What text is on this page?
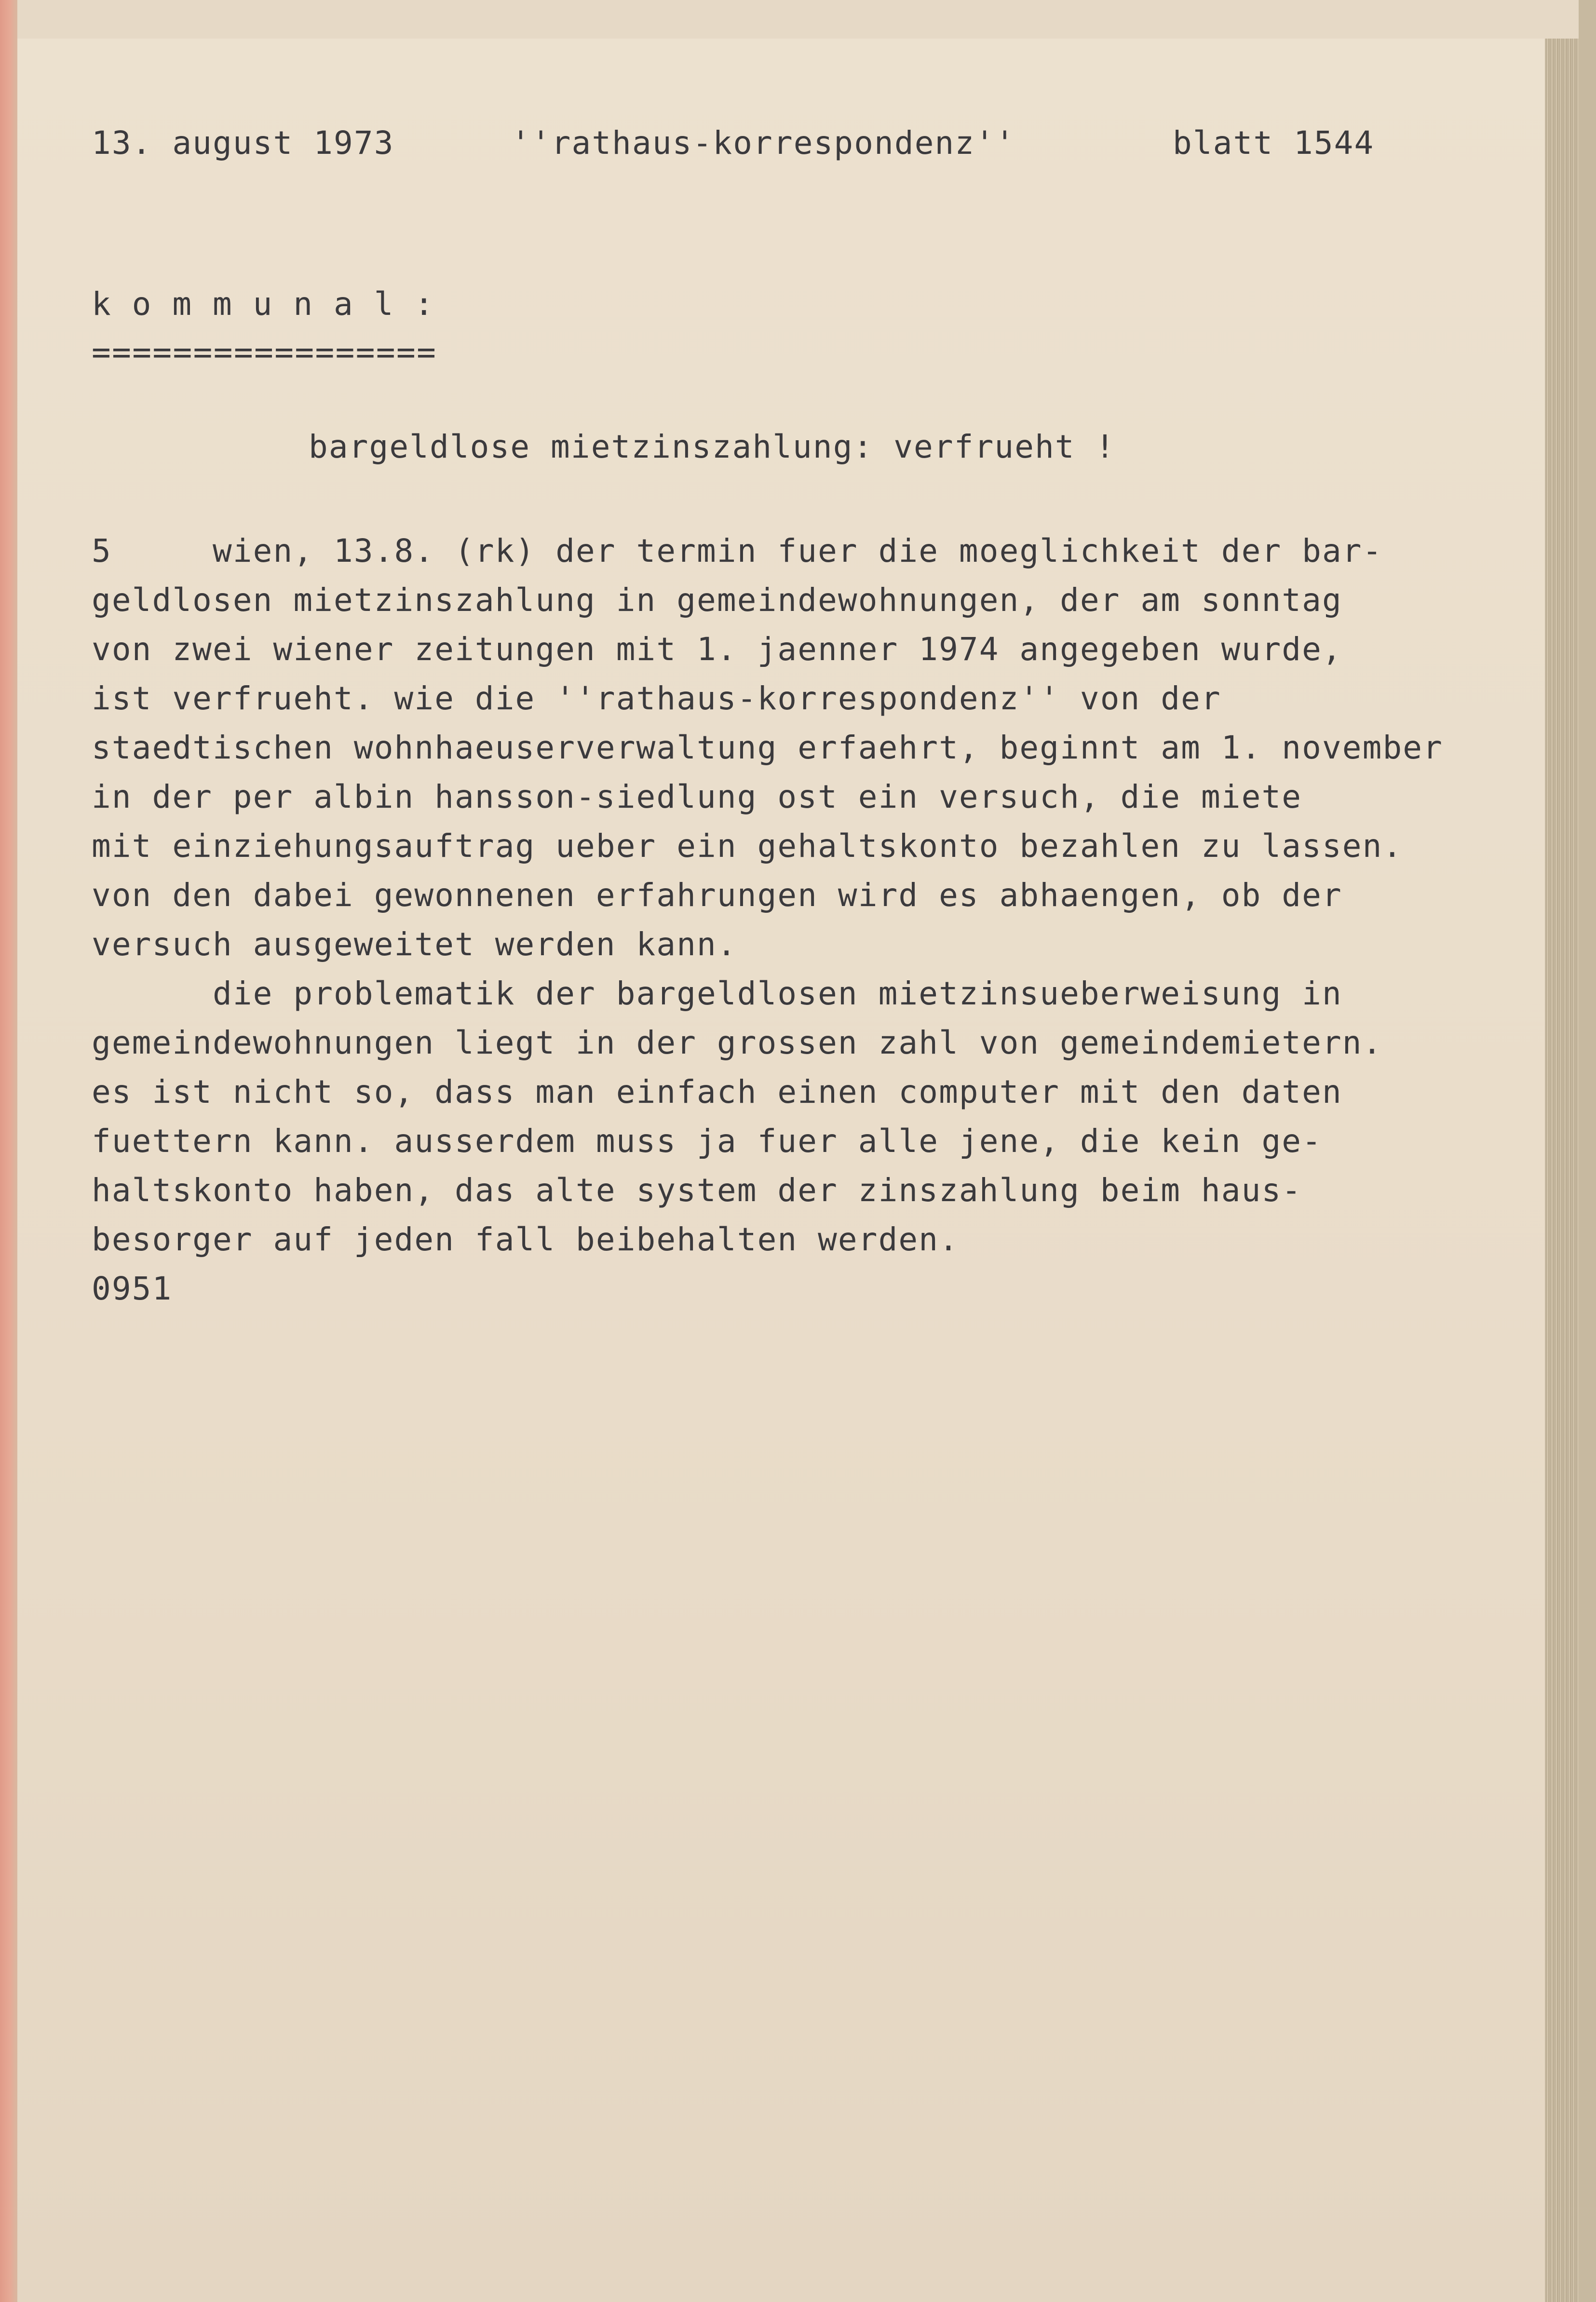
13. august 1973	''rathaus-korrespondenz''	blatt 1544

k o m m u n a l :

=================

bargeldlose mietzinszahlung: verfrueht !

5     wien, 13.8. (rk) der termin fuer die moeglichkeit der bar-

geldlosen mietzinszahlung in gemeindewohnungen, der am sonntag

von zwei wiener zeitungen mit 1. jaenner 1974 angegeben wurde,

ist verfrueht. wie die ''rathaus-korrespondenz'' von der

staedtischen wohnhaeuserverwaltung erfaehrt, beginnt am 1. november

in der per albin hansson-siedlung ost ein versuch, die miete

mit einziehungsauftrag ueber ein gehaltskonto bezahlen zu lassen.

von den dabei gewonnenen erfahrungen wird es abhaengen, ob der

versuch ausgeweitet werden kann.

die problematik der bargeldlosen mietzinsueberweisung in

gemeindewohnungen liegt in der grossen zahl von gemeindemietern.

es ist nicht so, dass man einfach einen computer mit den daten

fuettern kann. ausserdem muss ja fuer alle jene, die kein ge-

haltskonto haben, das alte system der zinszahlung beim haus-

besorger auf jeden fall beibehalten werden.

0951
